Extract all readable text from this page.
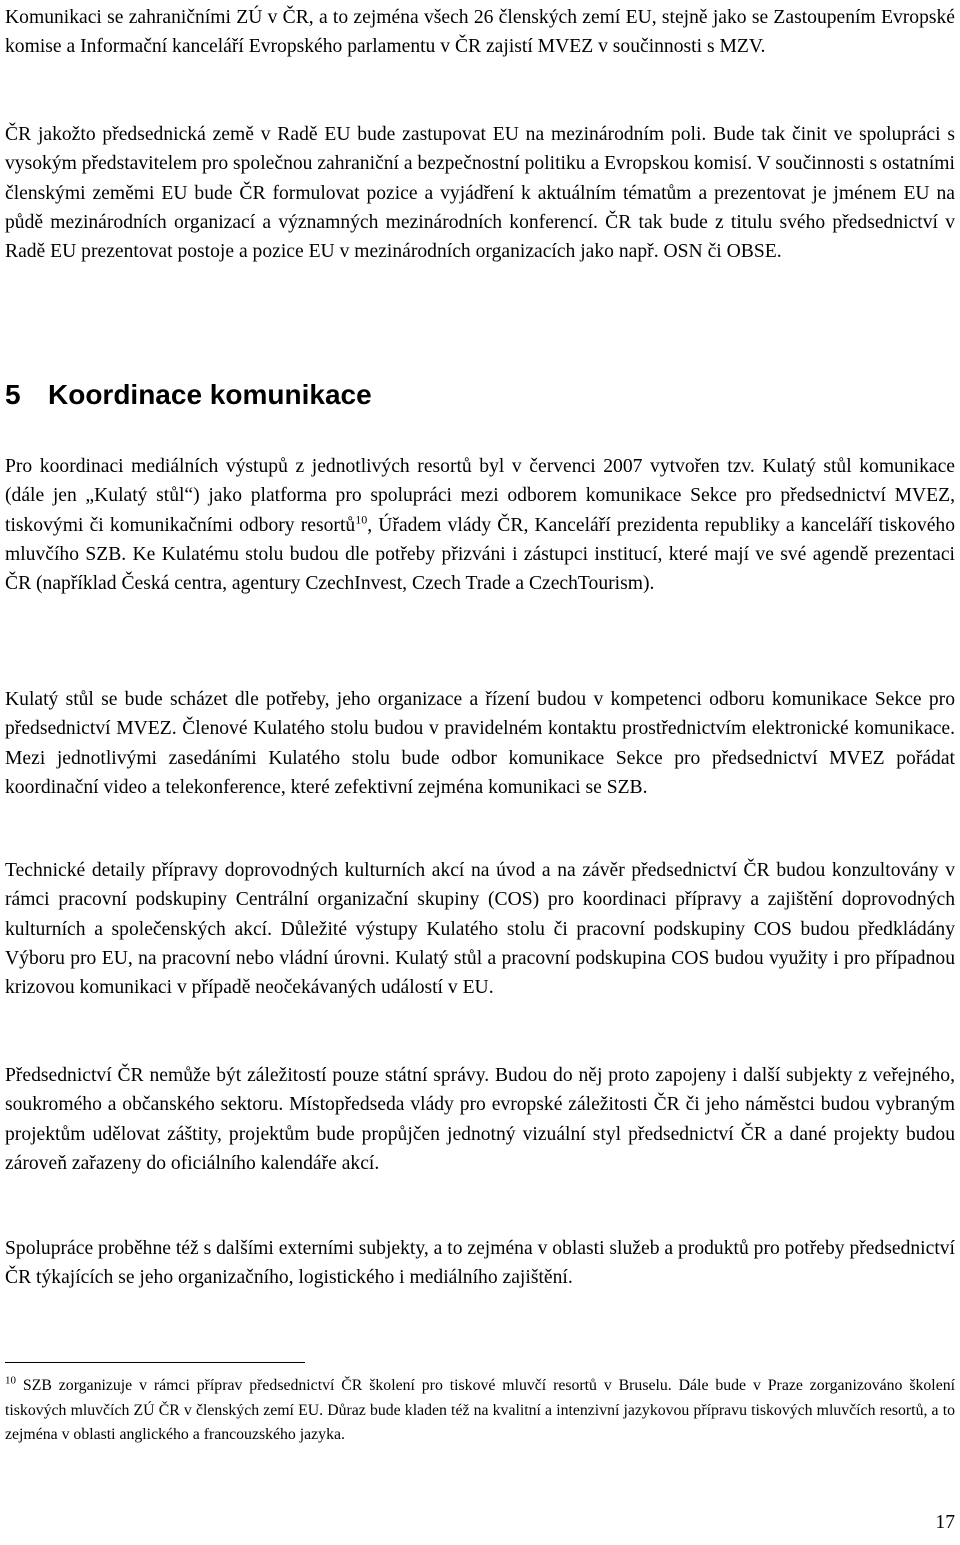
Komunikaci se zahraničními ZÚ v ČR, a to zejména všech 26 členských zemí EU, stejně jako se Zastoupením Evropské komise a Informační kanceláří Evropského parlamentu v ČR zajistí MVEZ v součinnosti s MZV.

ČR jakožto předsednická země v Radě EU bude zastupovat EU na mezinárodním poli. Bude tak činit ve spolupráci s vysokým představitelem pro společnou zahraniční a bezpečnostní politiku a Evropskou komisí. V součinnosti s ostatními členskými zeměmi EU bude ČR formulovat pozice a vyjádření k aktuálním tématům a prezentovat je jménem EU na půdě mezinárodních organizací a významných mezinárodních konferencí. ČR tak bude z titulu svého předsednictví v Radě EU prezentovat postoje a pozice EU v mezinárodních organizacích jako např. OSN či OBSE.

5 Koordinace komunikace

Pro koordinaci mediálních výstupů z jednotlivých resortů byl v červenci 2007 vytvořen tzv. Kulatý stůl komunikace (dále jen „Kulatý stůl“) jako platforma pro spolupráci mezi odborem komunikace Sekce pro předsednictví MVEZ, tiskovými či komunikačními odbory resortů$^{10}$, Úřadem vlády ČR, Kanceláří prezidenta republiky a kanceláří tiskového mluvčího SZB. Ke Kulatému stolu budou dle potřeby přizváni i zástupci institucí, které mají ve své agendě prezentaci ČR (například Česká centra, agentury CzechInvest, Czech Trade a CzechTourism).

Kulatý stůl se bude scházet dle potřeby, jeho organizace a řízení budou v kompetenci odboru komunikace Sekce pro předsednictví MVEZ. Členové Kulatého stolu budou v pravidelném kontaktu prostřednictvím elektronické komunikace. Mezi jednotlivými zasedáními Kulatého stolu bude odbor komunikace Sekce pro předsednictví MVEZ pořádat koordinační video a telekonference, které zefektivní zejména komunikaci se SZB.

Technické detaily přípravy doprovodných kulturních akcí na úvod a na závěr předsednictví ČR budou konzultovány v rámci pracovní podskupiny Centrální organizační skupiny (COS) pro koordinaci přípravy a zajištění doprovodných kulturních a společenských akcí. Důležité výstupy Kulatého stolu či pracovní podskupiny COS budou předkládány Výboru pro EU, na pracovní nebo vládní úrovni. Kulatý stůl a pracovní podskupina COS budou využity i pro případnou krizovou komunikaci v případě neočekávaných událostí v EU.

Předsednictví ČR nemůže být záležitostí pouze státní správy. Budou do něj proto zapojeny i další subjekty z veřejného, soukromého a občanského sektoru. Místopředseda vlády pro evropské záležitosti ČR či jeho náměstci budou vybraným projektům udělovat záštity, projektům bude propůjčen jednotný vizuální styl předsednictví ČR a dané projekty budou zároveň zařazeny do oficiálního kalendáře akcí.

Spolupráce proběhne též s dalšími externími subjekty, a to zejména v oblasti služeb a produktů pro potřeby předsednictví ČR týkajících se jeho organizačního, logistického i mediálního zajištění.

$^{10}$ SZB zorganizuje v rámci příprav předsednictví ČR školení pro tiskové mluvčí resortů v Bruselu. Dále bude v Praze zorganizováno školení tiskových mluvčích ZÚ ČR v členských zemí EU. Důraz bude kladen též na kvalitní a intenzivní jazykovou přípravu tiskových mluvčích resortů, a to zejména v oblasti anglického a francouzského jazyka.

17
